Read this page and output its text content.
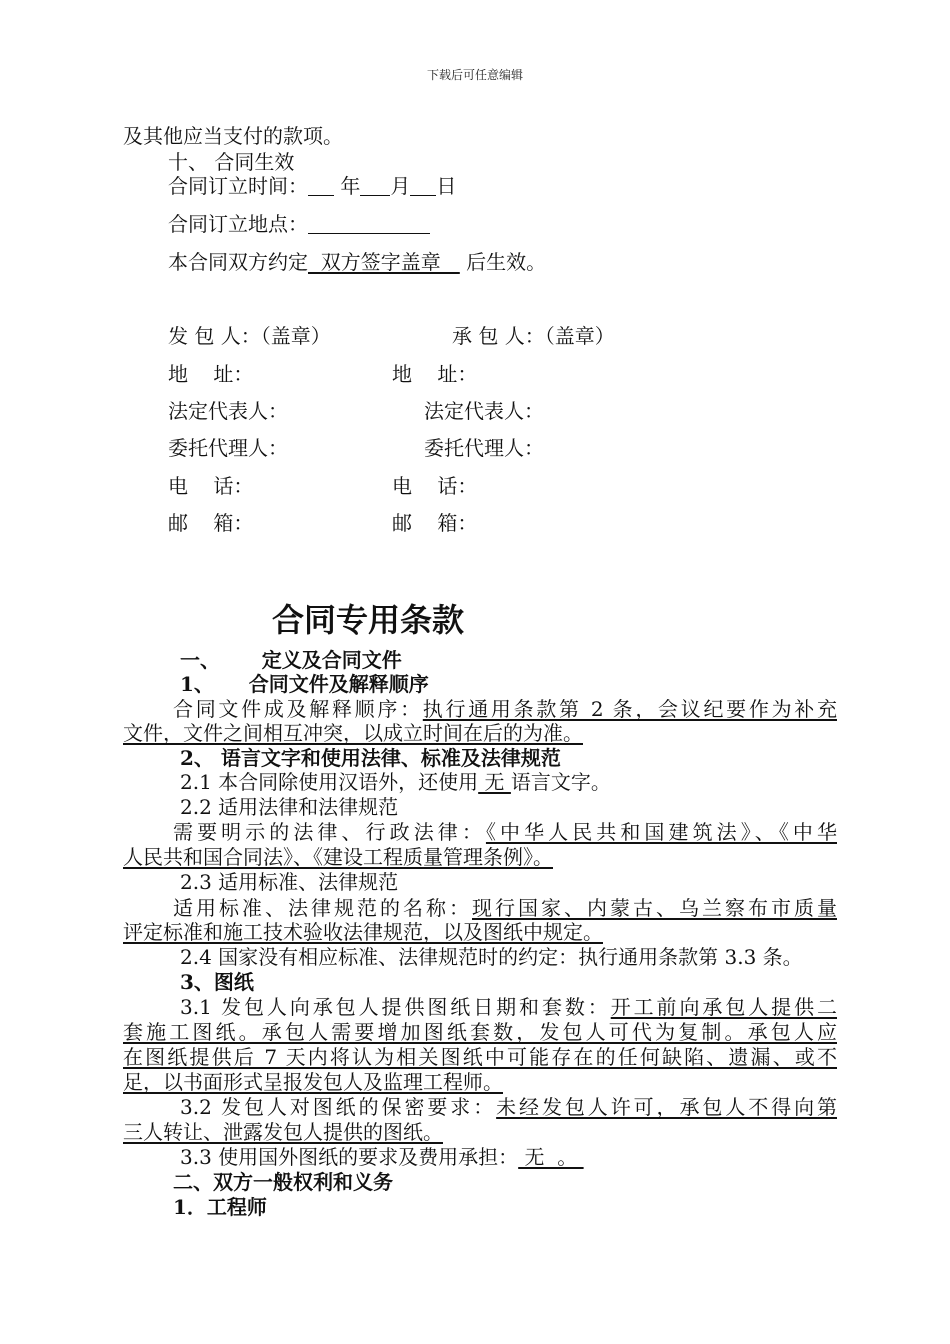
下载后可任意编辑
及其他应当支付的款项。
十、 合同生效
合同订立时间： 年 月 日
合同订立地点：
本合同双方约定  双方签字盖章    后生效。
发 包 人：（盖章）	承 包 人：（盖章）
地    址：	地    址：
法定代表人：	法定代表人：
委托代理人：	委托代理人：
电    话：	电    话：
邮    箱：	邮    箱：
合同专用条款
一、      定义及合同文件
1、     合同文件及解释顺序
合同文件成及解释顺序：执行通用条款第 2 条，会议纪要作为补充
文件，文件之间相互冲突，以成立时间在后的为准。
2、 语言文字和使用法律、标准及法律规范
2.1 本合同除使用汉语外，还使用 无 语言文字。
2.2 适用法律和法律规范
需要明示的法律、行政法律：《中华人民共和国建筑法》、《中华
人民共和国合同法》、《建设工程质量管理条例》。
2.3 适用标准、法律规范
适用标准、法律规范的名称：现行国家、内蒙古、乌兰察布市质量
评定标准和施工技术验收法律规范，以及图纸中规定。
2.4 国家没有相应标准、法律规范时的约定：执行通用条款第 3.3 条。
3、图纸
3.1 发包人向承包人提供图纸日期和套数：开工前向承包人提供二
套施工图纸。承包人需要增加图纸套数，发包人可代为复制。承包人应
在图纸提供后 7 天内将认为相关图纸中可能存在的任何缺陷、遗漏、或不
足，以书面形式呈报发包人及监理工程师。
3.2 发包人对图纸的保密要求：未经发包人许可，承包人不得向第
三人转让、泄露发包人提供的图纸。
3.3 使用国外图纸的要求及费用承担： 无  。
二、双方一般权利和义务
1．工程师
